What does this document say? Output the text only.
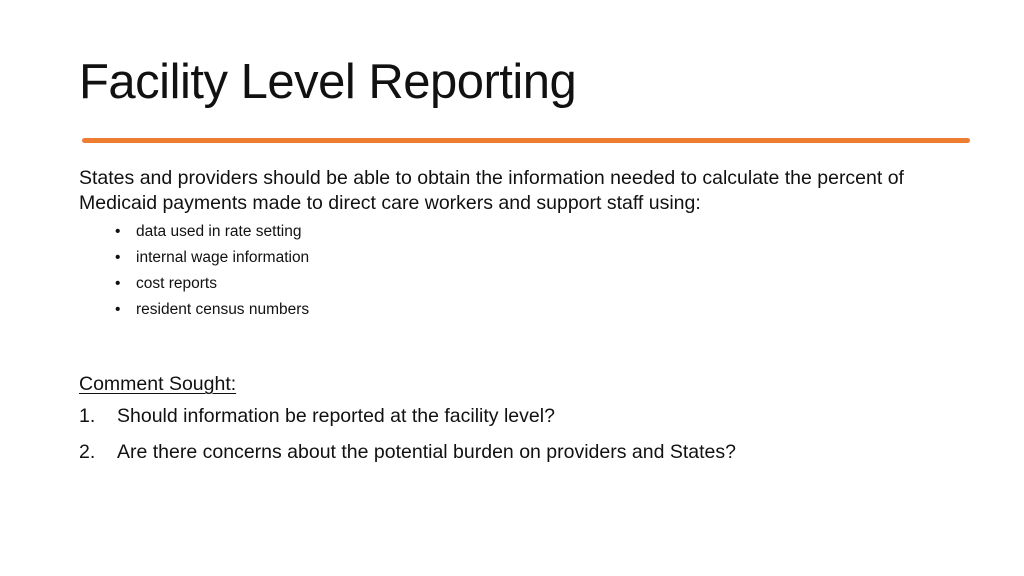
Facility Level Reporting

States and providers should be able to obtain the information needed to calculate the percent of Medicaid payments made to direct care workers and support staff using:

• data used in rate setting
• internal wage information
• cost reports
• resident census numbers

Comment Sought:

1. Should information be reported at the facility level?
2. Are there concerns about the potential burden on providers and States?
